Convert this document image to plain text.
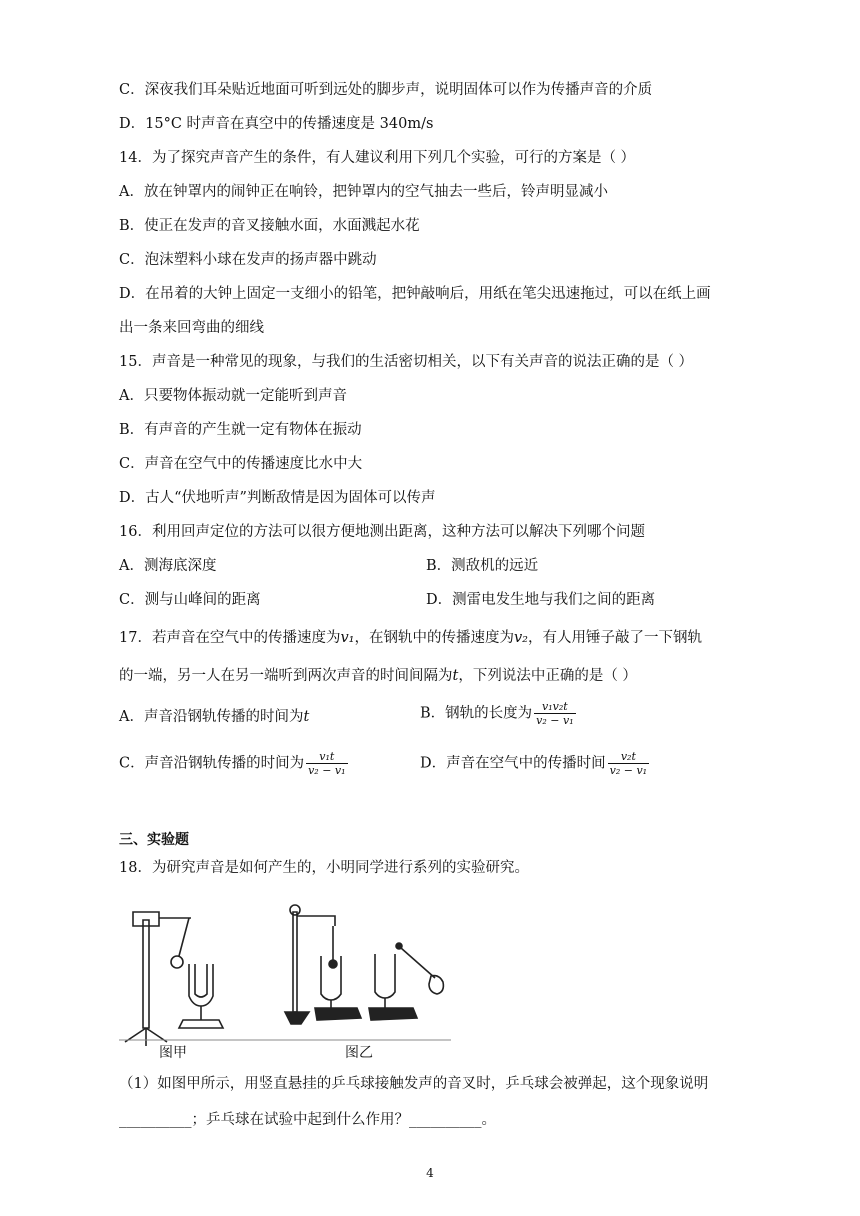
C．深夜我们耳朵贴近地面可听到远处的脚步声，说明固体可以作为传播声音的介质
D．15°C 时声音在真空中的传播速度是 340m/s
14．为了探究声音产生的条件，有人建议利用下列几个实验，可行的方案是（ ）
A．放在钟罩内的闹钟正在响铃，把钟罩内的空气抽去一些后，铃声明显减小
B．使正在发声的音叉接触水面，水面溅起水花
C．泡沫塑料小球在发声的扬声器中跳动
D．在吊着的大钟上固定一支细小的铅笔，把钟敲响后，用纸在笔尖迅速拖过，可以在纸上画
出一条来回弯曲的细线
15．声音是一种常见的现象，与我们的生活密切相关，以下有关声音的说法正确的是（ ）
A．只要物体振动就一定能听到声音
B．有声音的产生就一定有物体在振动
C．声音在空气中的传播速度比水中大
D．古人“伏地听声”判断敌情是因为固体可以传声
16．利用回声定位的方法可以很方便地测出距离，这种方法可以解决下列哪个问题
A．测海底深度	B．测敌机的远近
C．测与山峰间的距离	D．测雷电发生地与我们之间的距离
17．若声音在空气中的传播速度为v₁，在钢轨中的传播速度为v₂，有人用锤子敲了一下钢轨
的一端，另一人在另一端听到两次声音的时间间隔为t，下列说法中正确的是（ ）
A．声音沿钢轨传播的时间为t	B．钢轨的长度为 $\frac{\text{v₁v₂t}}{\text{v₂ − v₁}}$
C．声音沿钢轨传播的时间为 $\frac{\text{v₁t}}{\text{v₂ − v₁}}$	D．声音在空气中的传播时间 $\frac{\text{v₂t}}{\text{v₂ − v₁}}$
三、实验题
18．为研究声音是如何产生的，小明同学进行系列的实验研究。
图甲	图乙
（1）如图甲所示，用竖直悬挂的乒乓球接触发声的音叉时，乒乓球会被弹起，这个现象说明
__________；乒乓球在试验中起到什么作用？__________。
4
